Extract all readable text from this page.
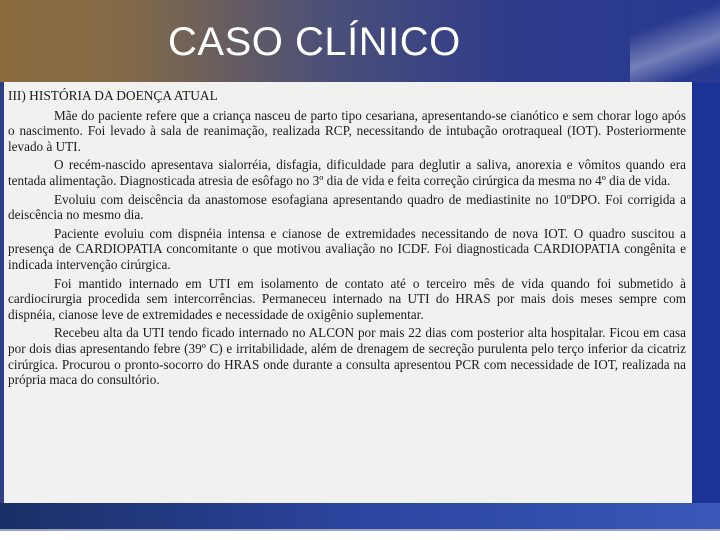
CASO CLÍNICO
III) HISTÓRIA DA DOENÇA ATUAL

Mãe do paciente refere que a criança nasceu de parto tipo cesariana, apresentando-se cianótico e sem chorar logo após o nascimento. Foi levado à sala de reanimação, realizada RCP, necessitando de intubação orotraqueal (IOT). Posteriormente levado à UTI.

O recém-nascido apresentava sialorréia, disfagia, dificuldade para deglutir a saliva, anorexia e vômitos quando era tentada alimentação. Diagnosticada atresia de esôfago no 3º dia de vida e feita correção cirúrgica da mesma no 4º dia de vida.

Evoluiu com deiscência da anastomose esofagiana apresentando quadro de mediastinite no 10ºDPO. Foi corrigida a deiscência no mesmo dia.

Paciente evoluiu com dispnéia intensa e cianose de extremidades necessitando de nova IOT. O quadro suscitou a presença de CARDIOPATIA concomitante o que motivou avaliação no ICDF. Foi diagnosticada CARDIOPATIA congênita e indicada intervenção cirúrgica.

Foi mantido internado em UTI em isolamento de contato até o terceiro mês de vida quando foi submetido à cardiocirurgia procedida sem intercorrências. Permaneceu internado na UTI do HRAS por mais dois meses sempre com dispnéia, cianose leve de extremidades e necessidade de oxigênio suplementar.

Recebeu alta da UTI tendo ficado internado no ALCON por mais 22 dias com posterior alta hospitalar. Ficou em casa por dois dias apresentando febre (39º C) e irritabilidade, além de drenagem de secreção purulenta pelo terço inferior da cicatriz cirúrgica. Procurou o pronto-socorro do HRAS onde durante a consulta apresentou PCR com necessidade de IOT, realizada na própria maca do consultório.
